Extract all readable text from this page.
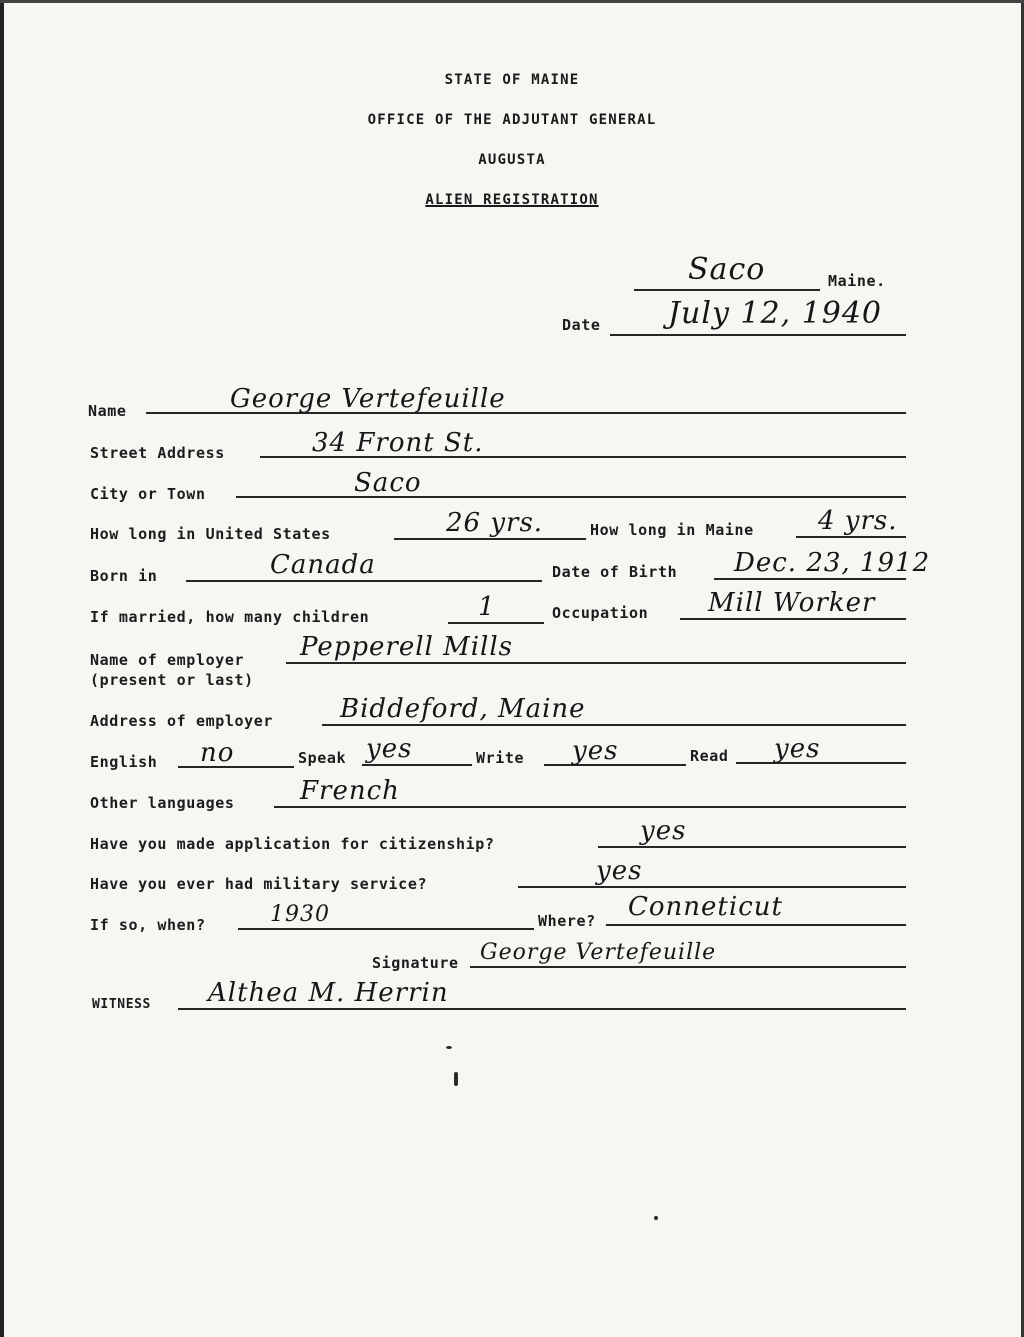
STATE OF MAINE
OFFICE OF THE ADJUTANT GENERAL
AUGUSTA
ALIEN REGISTRATION
Saco	Maine.
Date July 12, 1940
Name	George Vertefeuille
Street Address	34 Front St.
City or Town	Saco
How long in United States	26 yrs.	How long in Maine 4 yrs.
Born in	Canada	Date of Birth Dec. 23, 1912
If married, how many children	1	Occupation Mill Worker
Name of employer
(present or last)
Pepperell Mills
Address of employer	Biddeford, Maine
English no	Speak yes	Write yes	Read yes
Other languages	French
Have you made application for citizenship?	yes
Have you ever had military service?	yes
If so, when?	1930	Where? Conneticut
Signature George Vertefeuille
WITNESS Althea M. Herrin
